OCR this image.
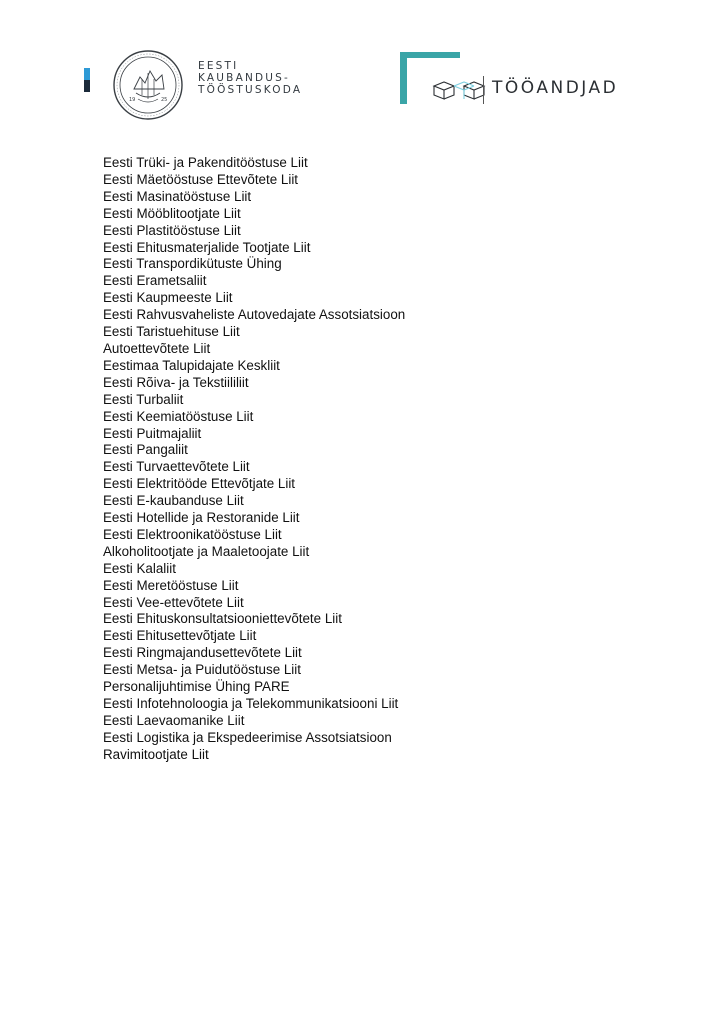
19	25
EESTI
KAUBANDUS-
TÖÖSTUSKODA	TÖÖANDJAD
Eesti Trüki- ja Pakenditööstuse Liit
Eesti Mäetööstuse Ettevõtete Liit
Eesti Masinatööstuse Liit
Eesti Mööblitootjate Liit
Eesti Plastitööstuse Liit
Eesti Ehitusmaterjalide Tootjate Liit
Eesti Transpordikütuste Ühing
Eesti Erametsaliit
Eesti Kaupmeeste Liit
Eesti Rahvusvaheliste Autovedajate Assotsiatsioon
Eesti Taristuehituse Liit
Autoettevõtete Liit
Eestimaa Talupidajate Keskliit
Eesti Rõiva- ja Tekstiililiit
Eesti Turbaliit
Eesti Keemiatööstuse Liit
Eesti Puitmajaliit
Eesti Pangaliit
Eesti Turvaettevõtete Liit
Eesti Elektritööde Ettevõtjate Liit
Eesti E-kaubanduse Liit
Eesti Hotellide ja Restoranide Liit
Eesti Elektroonikatööstuse Liit
Alkoholitootjate ja Maaletoojate Liit
Eesti Kalaliit
Eesti Meretööstuse Liit
Eesti Vee-ettevõtete Liit
Eesti Ehituskonsultatsiooniettevõtete Liit
Eesti Ehitusettevõtjate Liit
Eesti Ringmajandusettevõtete Liit
Eesti Metsa- ja Puidutööstuse Liit
Personalijuhtimise Ühing PARE
Eesti Infotehnoloogia ja Telekommunikatsiooni Liit
Eesti Laevaomanike Liit
Eesti Logistika ja Ekspedeerimise Assotsiatsioon
Ravimitootjate Liit
